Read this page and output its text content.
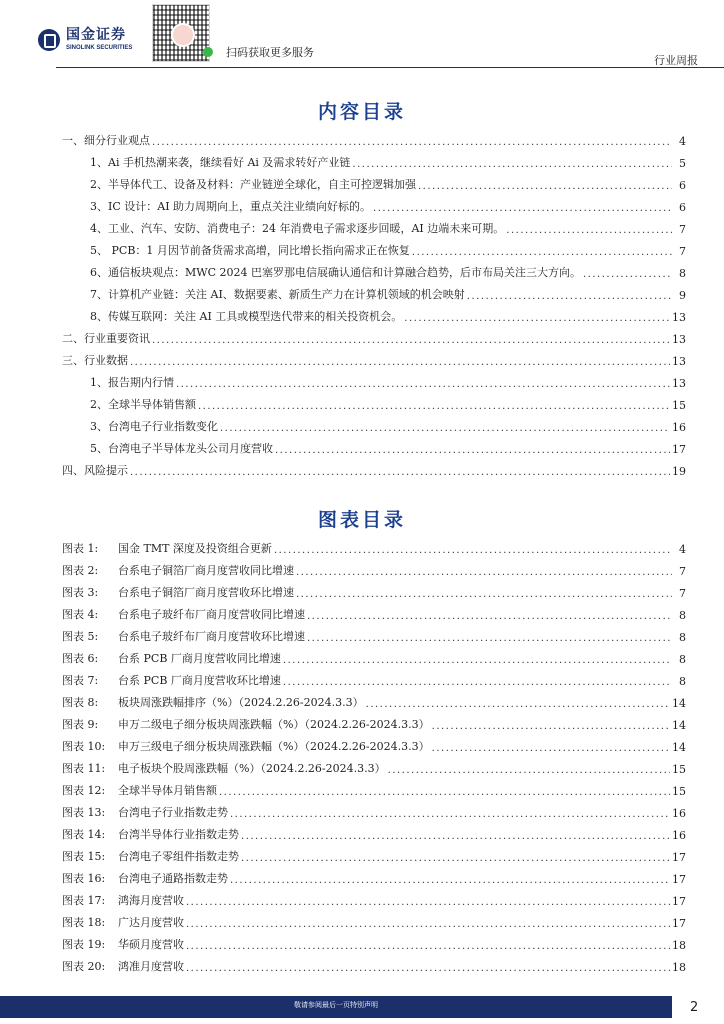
国金证券
SINOLINK SECURITIES	扫码获取更多服务
行业周报
内容目录
一、细分行业观点 .....	4
1、Ai 手机热潮来袭，继续看好 Ai 及需求转好产业链 .....	5
2、半导体代工、设备及材料：产业链逆全球化，自主可控逻辑加强 .....	6
3、IC 设计：AI 助力周期向上，重点关注业绩向好标的。 .....	6
4、工业、汽车、安防、消费电子：24 年消费电子需求逐步回暖，AI 边端未来可期。 .....	7
5、 PCB：1 月因节前备货需求高增，同比增长指向需求正在恢复 .....	7
6、通信板块观点：MWC 2024 巴塞罗那电信展确认通信和计算融合趋势，后市布局关注三大方向。 .....	8
7、计算机产业链：关注 AI、数据要素、新质生产力在计算机领域的机会映射 .....	9
8、传媒互联网：关注 AI 工具或模型迭代带来的相关投资机会。 .....	13
二、行业重要资讯 .....	13
三、行业数据 .....	13
1、报告期内行情 .....	13
2、全球半导体销售额 .....	15
3、台湾电子行业指数变化 .....	16
5、台湾电子半导体龙头公司月度营收 .....	17
四、风险提示 .....	19
图表目录
图表 1:	国金 TMT 深度及投资组合更新 .....	4
图表 2:	台系电子铜箔厂商月度营收同比增速 .....	7
图表 3:	台系电子铜箔厂商月度营收环比增速 .....	7
图表 4:	台系电子玻纤布厂商月度营收同比增速 .....	8
图表 5:	台系电子玻纤布厂商月度营收环比增速 .....	8
图表 6:	台系 PCB 厂商月度营收同比增速 .....	8
图表 7:	台系 PCB 厂商月度营收环比增速 .....	8
图表 8:	板块周涨跌幅排序（%）（2024.2.26-2024.3.3） .....	14
图表 9:	申万二级电子细分板块周涨跌幅（%）（2024.2.26-2024.3.3） .....	14
图表 10:	申万三级电子细分板块周涨跌幅（%）（2024.2.26-2024.3.3） .....	14
图表 11:	电子板块个股周涨跌幅（%）（2024.2.26-2024.3.3） .....	15
图表 12:	全球半导体月销售额 .....	15
图表 13:	台湾电子行业指数走势 .....	16
图表 14:	台湾半导体行业指数走势 .....	16
图表 15:	台湾电子零组件指数走势 .....	17
图表 16:	台湾电子通路指数走势 .....	17
图表 17:	鸿海月度营收 .....	17
图表 18:	广达月度营收 .....	17
图表 19:	华硕月度营收 .....	18
图表 20:	鸿准月度营收 .....	18
敬请参阅最后一页特别声明	2
